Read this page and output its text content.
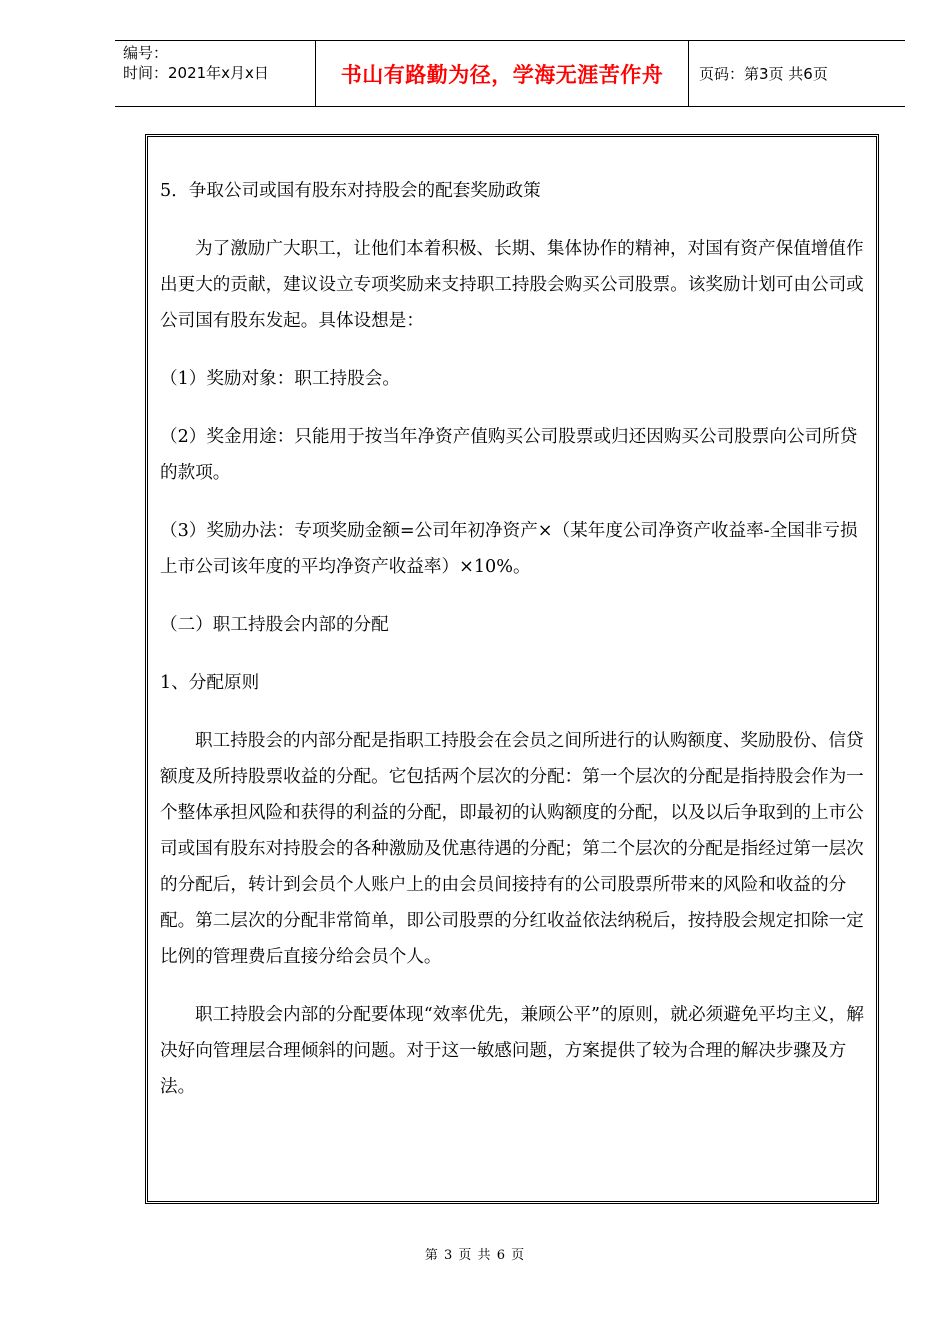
编号：
时间：2021年x月x日	书山有路勤为径，学海无涯苦作舟	页码：第3页 共6页

5．争取公司或国有股东对持股会的配套奖励政策

为了激励广大职工，让他们本着积极、长期、集体协作的精神，对国有资产保值增值作出更大的贡献，建议设立专项奖励来支持职工持股会购买公司股票。该奖励计划可由公司或公司国有股东发起。具体设想是：

（1）奖励对象：职工持股会。

（2）奖金用途：只能用于按当年净资产值购买公司股票或归还因购买公司股票向公司所贷的款项。

（3）奖励办法：专项奖励金额=公司年初净资产×（某年度公司净资产收益率-全国非亏损上市公司该年度的平均净资产收益率）×10%。

（二）职工持股会内部的分配

1、分配原则

职工持股会的内部分配是指职工持股会在会员之间所进行的认购额度、奖励股份、信贷额度及所持股票收益的分配。它包括两个层次的分配：第一个层次的分配是指持股会作为一个整体承担风险和获得的利益的分配，即最初的认购额度的分配，以及以后争取到的上市公司或国有股东对持股会的各种激励及优惠待遇的分配；第二个层次的分配是指经过第一层次的分配后，转计到会员个人账户上的由会员间接持有的公司股票所带来的风险和收益的分配。第二层次的分配非常简单，即公司股票的分红收益依法纳税后，按持股会规定扣除一定比例的管理费后直接分给会员个人。

职工持股会内部的分配要体现“效率优先，兼顾公平”的原则，就必须避免平均主义，解决好向管理层合理倾斜的问题。对于这一敏感问题，方案提供了较为合理的解决步骤及方法。

第 3 页 共 6 页
